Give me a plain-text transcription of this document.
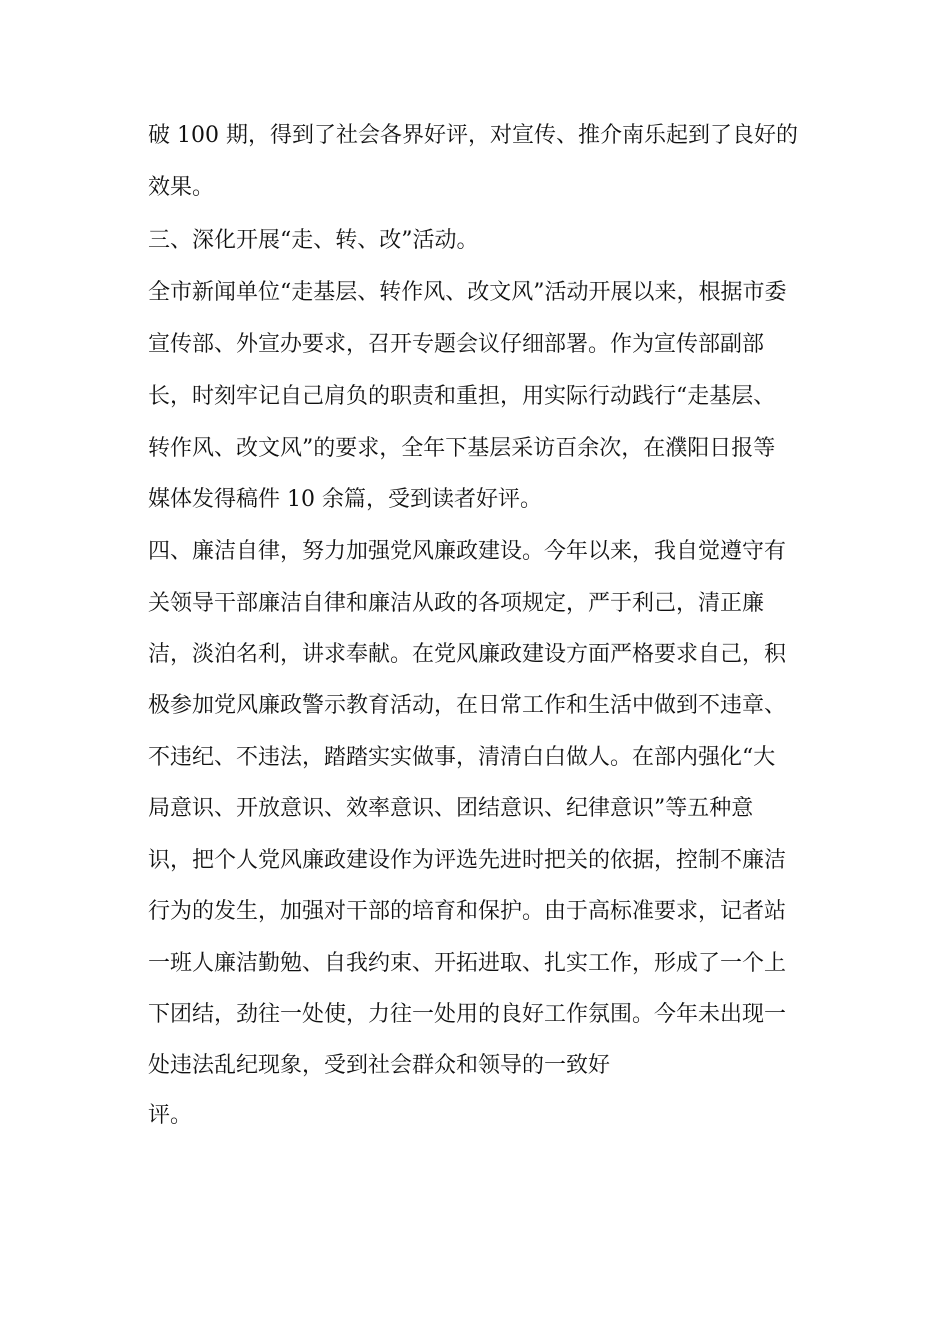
破 100 期，得到了社会各界好评，对宣传、推介南乐起到了良好的
效果。
三、深化开展“走、转、改”活动。
全市新闻单位“走基层、转作风、改文风”活动开展以来，根据市委
宣传部、外宣办要求，召开专题会议仔细部署。作为宣传部副部
长，时刻牢记自己肩负的职责和重担，用实际行动践行“走基层、
转作风、改文风”的要求，全年下基层采访百余次，在濮阳日报等
媒体发得稿件 10 余篇，受到读者好评。
四、廉洁自律，努力加强党风廉政建设。今年以来，我自觉遵守有
关领导干部廉洁自律和廉洁从政的各项规定，严于利己，清正廉
洁，淡泊名利，讲求奉献。在党风廉政建设方面严格要求自己，积
极参加党风廉政警示教育活动，在日常工作和生活中做到不违章、
不违纪、不违法，踏踏实实做事，清清白白做人。在部内强化“大
局意识、开放意识、效率意识、团结意识、纪律意识”等五种意
识，把个人党风廉政建设作为评选先进时把关的依据，控制不廉洁
行为的发生，加强对干部的培育和保护。由于高标准要求，记者站
一班人廉洁勤勉、自我约束、开拓进取、扎实工作，形成了一个上
下团结，劲往一处使，力往一处用的良好工作氛围。今年未出现一
处违法乱纪现象，受到社会群众和领导的一致好
评。
